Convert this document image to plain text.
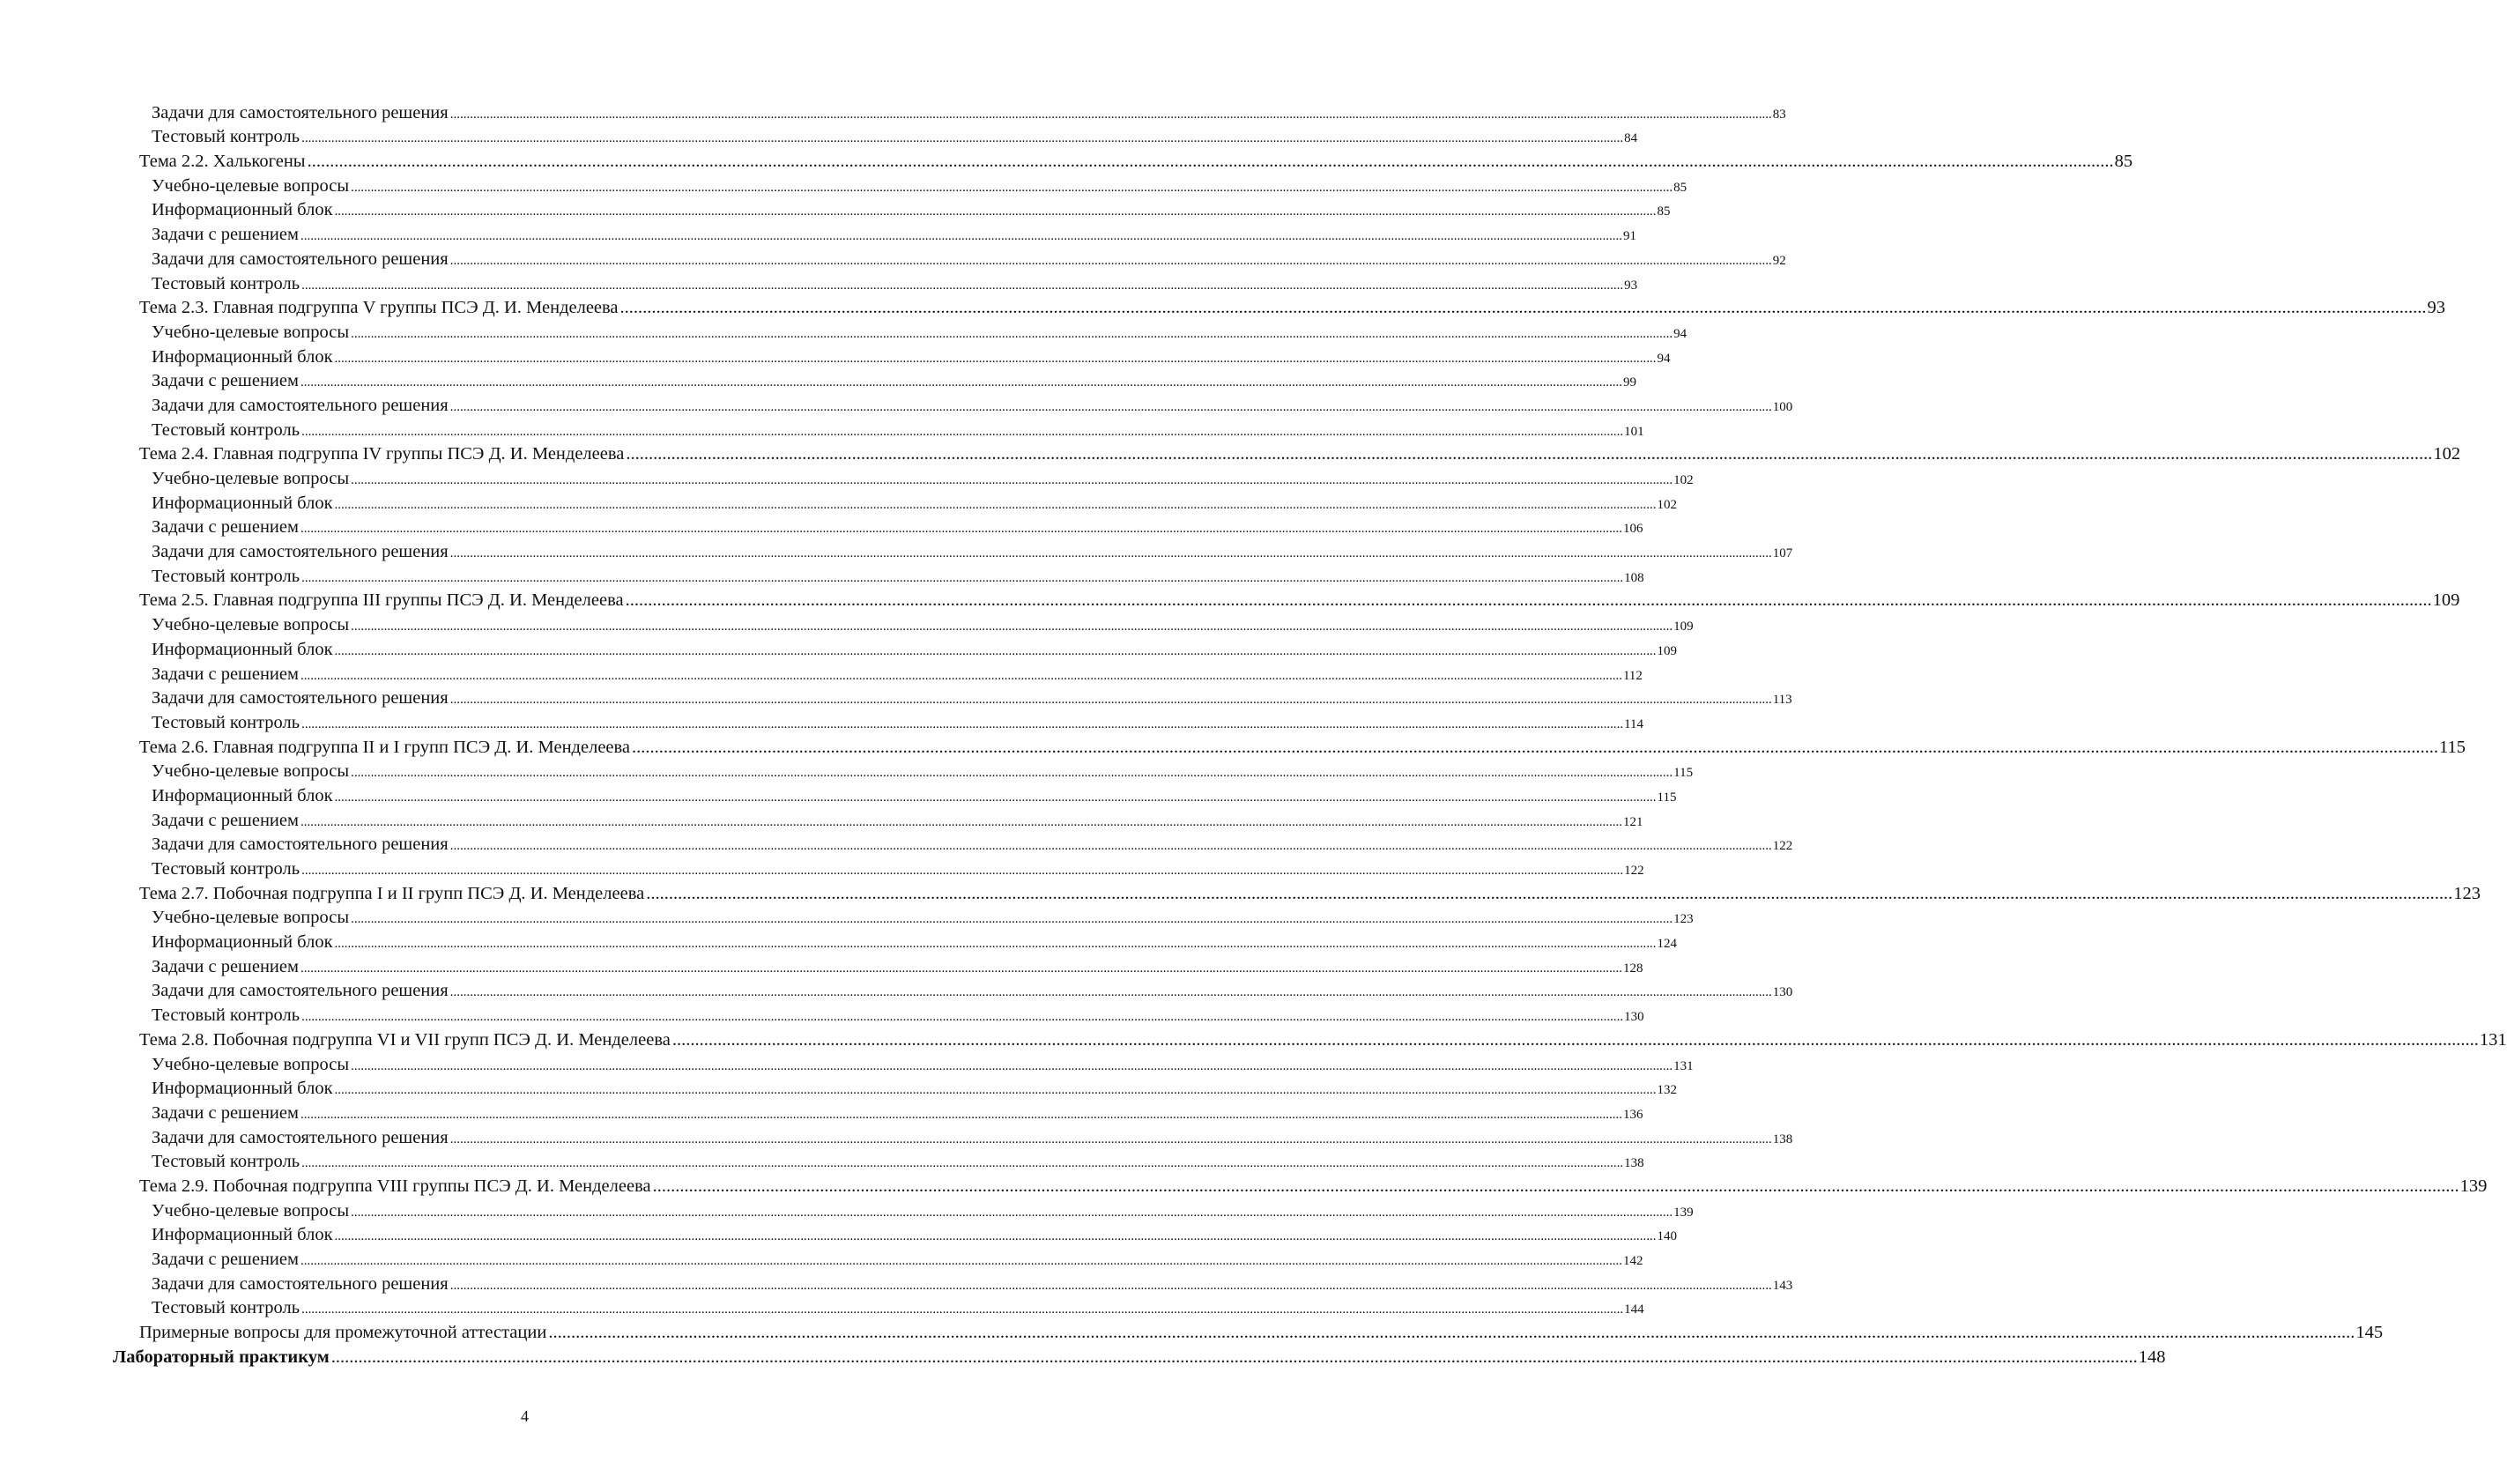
Задачи для самостоятельного решения ................................................................................................................................................................................................................................................................................................................................................................................................................ 83
Тестовый контроль ................................................................................................................................................................................................................................................................................................................................................................................................................ 84
Тема 2.2. Халькогены ................................................................................................................................................................................................................................................................................................................................................................................................................ 85
Учебно-целевые вопросы ................................................................................................................................................................................................................................................................................................................................................................................................................ 85
Информационный блок ................................................................................................................................................................................................................................................................................................................................................................................................................ 85
Задачи с решением ................................................................................................................................................................................................................................................................................................................................................................................................................ 91
Задачи для самостоятельного решения ................................................................................................................................................................................................................................................................................................................................................................................................................ 92
Тестовый контроль ................................................................................................................................................................................................................................................................................................................................................................................................................ 93
Тема 2.3. Главная подгруппа V группы ПСЭ Д. И. Менделеева ................................................................................................................................................................................................................................................................................................................................................................................................................ 93
Учебно-целевые вопросы ................................................................................................................................................................................................................................................................................................................................................................................................................ 94
Информационный блок ................................................................................................................................................................................................................................................................................................................................................................................................................ 94
Задачи с решением ................................................................................................................................................................................................................................................................................................................................................................................................................ 99
Задачи для самостоятельного решения ................................................................................................................................................................................................................................................................................................................................................................................................................ 100
Тестовый контроль ................................................................................................................................................................................................................................................................................................................................................................................................................ 101
Тема 2.4. Главная подгруппа IV группы ПСЭ Д. И. Менделеева ................................................................................................................................................................................................................................................................................................................................................................................................................ 102
Учебно-целевые вопросы ................................................................................................................................................................................................................................................................................................................................................................................................................ 102
Информационный блок ................................................................................................................................................................................................................................................................................................................................................................................................................ 102
Задачи с решением ................................................................................................................................................................................................................................................................................................................................................................................................................ 106
Задачи для самостоятельного решения ................................................................................................................................................................................................................................................................................................................................................................................................................ 107
Тестовый контроль ................................................................................................................................................................................................................................................................................................................................................................................................................ 108
Тема 2.5. Главная подгруппа III группы ПСЭ Д. И. Менделеева ................................................................................................................................................................................................................................................................................................................................................................................................................ 109
Учебно-целевые вопросы ................................................................................................................................................................................................................................................................................................................................................................................................................ 109
Информационный блок ................................................................................................................................................................................................................................................................................................................................................................................................................ 109
Задачи с решением ................................................................................................................................................................................................................................................................................................................................................................................................................ 112
Задачи для самостоятельного решения ................................................................................................................................................................................................................................................................................................................................................................................................................ 113
Тестовый контроль ................................................................................................................................................................................................................................................................................................................................................................................................................ 114
Тема 2.6. Главная подгруппа II и I групп ПСЭ Д. И. Менделеева ................................................................................................................................................................................................................................................................................................................................................................................................................ 115
Учебно-целевые вопросы ................................................................................................................................................................................................................................................................................................................................................................................................................ 115
Информационный блок ................................................................................................................................................................................................................................................................................................................................................................................................................ 115
Задачи с решением ................................................................................................................................................................................................................................................................................................................................................................................................................ 121
Задачи для самостоятельного решения ................................................................................................................................................................................................................................................................................................................................................................................................................ 122
Тестовый контроль ................................................................................................................................................................................................................................................................................................................................................................................................................ 122
Тема 2.7. Побочная подгруппа I и II групп ПСЭ Д. И. Менделеева ................................................................................................................................................................................................................................................................................................................................................................................................................ 123
Учебно-целевые вопросы ................................................................................................................................................................................................................................................................................................................................................................................................................ 123
Информационный блок ................................................................................................................................................................................................................................................................................................................................................................................................................ 124
Задачи с решением ................................................................................................................................................................................................................................................................................................................................................................................................................ 128
Задачи для самостоятельного решения ................................................................................................................................................................................................................................................................................................................................................................................................................ 130
Тестовый контроль ................................................................................................................................................................................................................................................................................................................................................................................................................ 130
Тема 2.8. Побочная подгруппа VI и VII групп ПСЭ Д. И. Менделеева ................................................................................................................................................................................................................................................................................................................................................................................................................ 131
Учебно-целевые вопросы ................................................................................................................................................................................................................................................................................................................................................................................................................ 131
Информационный блок ................................................................................................................................................................................................................................................................................................................................................................................................................ 132
Задачи с решением ................................................................................................................................................................................................................................................................................................................................................................................................................ 136
Задачи для самостоятельного решения ................................................................................................................................................................................................................................................................................................................................................................................................................ 138
Тестовый контроль ................................................................................................................................................................................................................................................................................................................................................................................................................ 138
Тема 2.9. Побочная подгруппа VIII группы ПСЭ Д. И. Менделеева ................................................................................................................................................................................................................................................................................................................................................................................................................ 139
Учебно-целевые вопросы ................................................................................................................................................................................................................................................................................................................................................................................................................ 139
Информационный блок ................................................................................................................................................................................................................................................................................................................................................................................................................ 140
Задачи с решением ................................................................................................................................................................................................................................................................................................................................................................................................................ 142
Задачи для самостоятельного решения ................................................................................................................................................................................................................................................................................................................................................................................................................ 143
Тестовый контроль ................................................................................................................................................................................................................................................................................................................................................................................................................ 144
Примерные вопросы для промежуточной аттестации ................................................................................................................................................................................................................................................................................................................................................................................................................ 145
Лабораторный практикум ................................................................................................................................................................................................................................................................................................................................................................................................................ 148
4
